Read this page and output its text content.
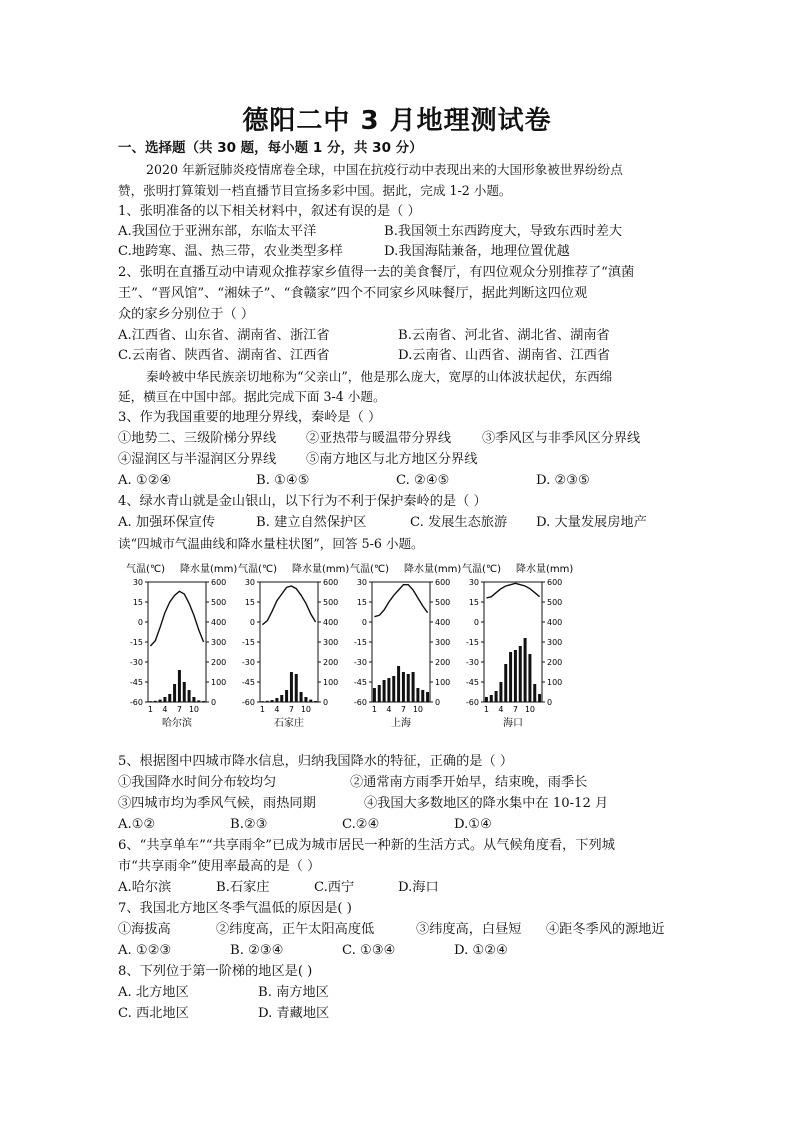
德阳二中 3 月地理测试卷
一、选择题（共 30 题，每小题 1 分，共 30 分）
2020 年新冠肺炎疫情席卷全球，中国在抗疫行动中表现出来的大国形象被世界纷纷点
赞，张明打算策划一档直播节目宣扬多彩中国。据此，完成 1-2 小题。
1、张明准备的以下相关材料中，叙述有误的是（ ）
A.我国位于亚洲东部，东临太平洋	B.我国领土东西跨度大，导致东西时差大
C.地跨寒、温、热三带，农业类型多样	D.我国海陆兼备，地理位置优越
2、张明在直播互动中请观众推荐家乡值得一去的美食餐厅，有四位观众分别推荐了“滇菌
王”、“晋风馆”、“湘妹子”、“食赣家”四个不同家乡风味餐厅，据此判断这四位观
众的家乡分别位于（ ）
A.江西省、山东省、湖南省、浙江省	B.云南省、河北省、湖北省、湖南省
C.云南省、陕西省、湖南省、江西省	D.云南省、山西省、湖南省、江西省
秦岭被中华民族亲切地称为“父亲山”，他是那么庞大，宽厚的山体波状起伏，东西绵
延，横亘在中国中部。据此完成下面 3-4 小题。
3、作为我国重要的地理分界线，秦岭是（ ）
①地势二、三级阶梯分界线 ②亚热带与暖温带分界线 ③季风区与非季风区分界线
④湿润区与半湿润区分界线 ⑤南方地区与北方地区分界线
A. ①②④	B. ①④⑤	C. ②④⑤	D. ②③⑤
4、绿水青山就是金山银山，以下行为不利于保护秦岭的是（ ）
A. 加强环保宣传	B. 建立自然保护区	C. 发展生态旅游 D. 大量发展房地产
读“四城市气温曲线和降水量柱状图”，回答 5-6 小题。
气温(℃) 降水量(mm)
30
15
0
-15
-30
-45
-60
600
500
400
300
200
100
0
1 4 7 10
哈尔滨
气温(℃) 降水量(mm)
30
15
0
-15
-30
-45
-60
600
500
400
300
200
100
0
1 4 7 10
石家庄
气温(℃) 降水量(mm)
30
15
0
-15
-30
-45
-60
600
500
400
300
200
100
0
1 4 7 10
上海
气温(℃) 降水量(mm)
30
15
0
-15
-30
-45
-60
600
500
400
300
200
100
0
1 4 7 10
海口
5、根据图中四城市降水信息，归纳我国降水的特征，正确的是（ ）
①我国降水时间分布较均匀	②通常南方雨季开始早，结束晚，雨季长
③四城市均为季风气候，雨热同期	④我国大多数地区的降水集中在 10-12 月
A.①②	B.②③	C.②④	D.①④
6、“共享单车”“共享雨伞”已成为城市居民一种新的生活方式。从气候角度看，下列城
市“共享雨伞”使用率最高的是（ ）
A.哈尔滨	B.石家庄	C.西宁	D.海口
7、我国北方地区冬季气温低的原因是( )
①海拔高	②纬度高，正午太阳高度低	③纬度高，白昼短 ④距冬季风的源地近
A. ①②③	B. ②③④	C. ①③④	D. ①②④
8、下列位于第一阶梯的地区是( )
A. 北方地区	B. 南方地区
C. 西北地区	D. 青藏地区
